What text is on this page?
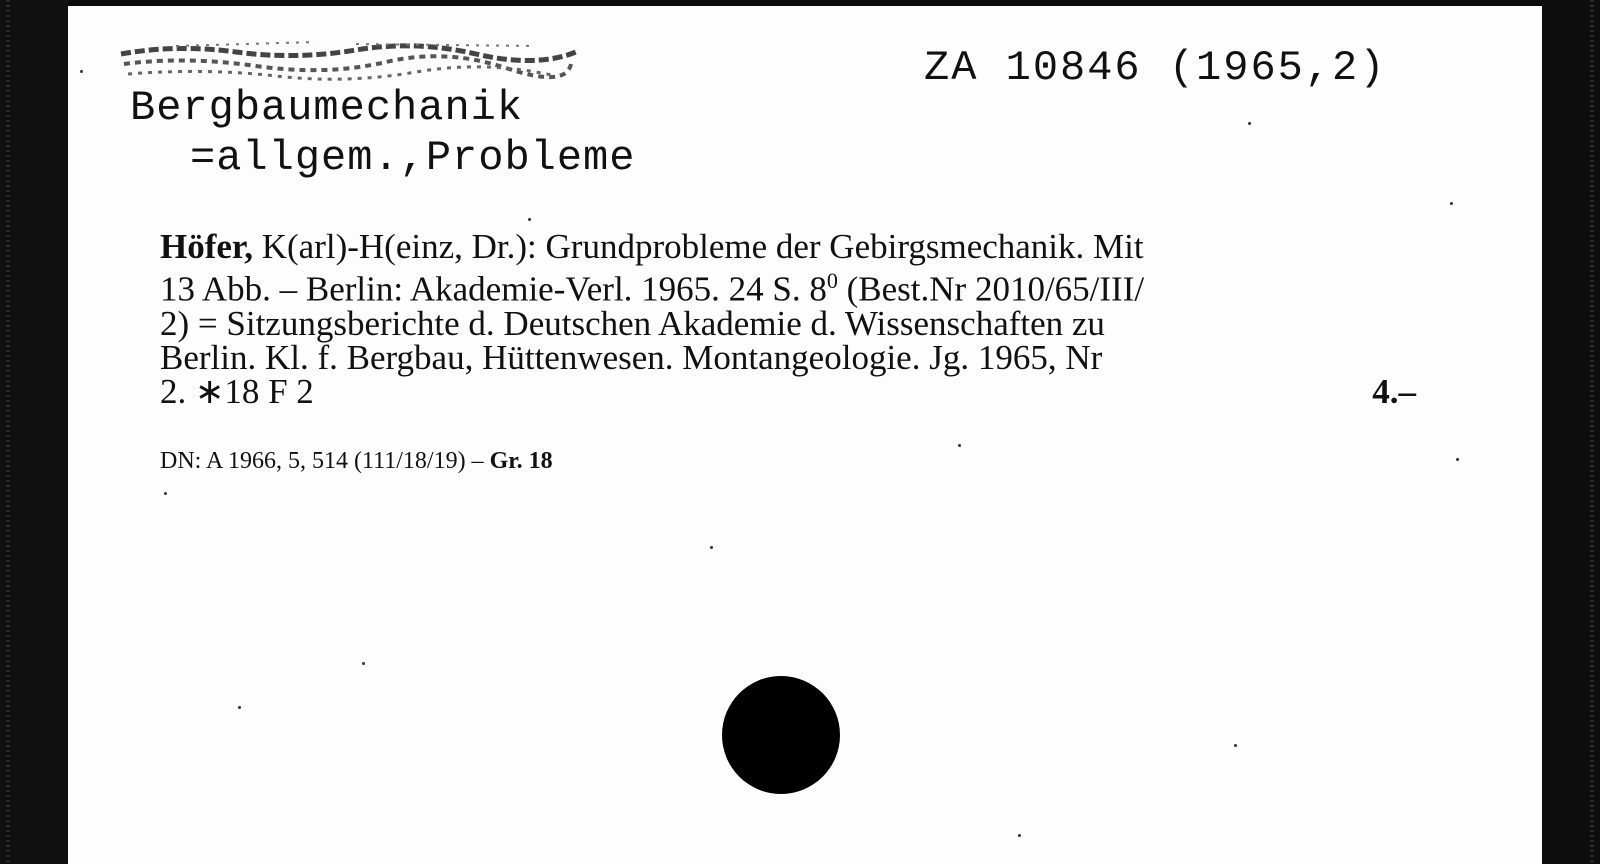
Bergbaumechanik
=allgem.,Probleme
ZA 10846 (1965,2)
Höfer, K(arl)-H(einz, Dr.): Grundprobleme der Gebirgsmechanik. Mit
13 Abb. – Berlin: Akademie-Verl. 1965. 24 S. $8^0$ (Best.Nr 2010/65/III/
2) = Sitzungsberichte d. Deutschen Akademie d. Wissenschaften zu
Berlin. Kl. f. Bergbau, Hüttenwesen. Montangeologie. Jg. 1965, Nr
2. ∗18 F 2	4.–
DN: A 1966, 5, 514 (111/18/19) – Gr. 18
